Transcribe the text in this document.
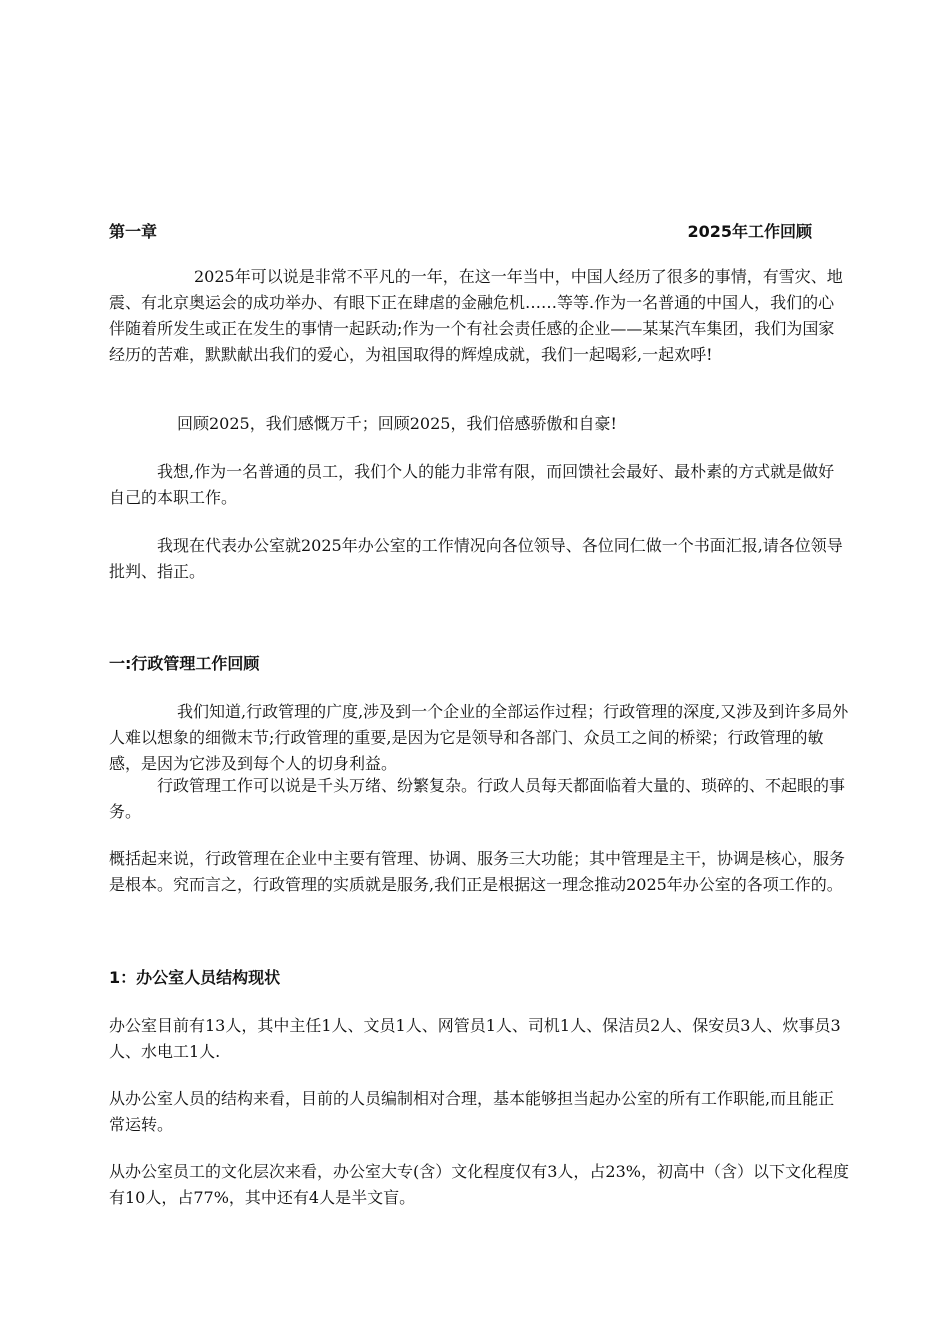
第一章	2025年工作回顾

2025年可以说是非常不平凡的一年，在这一年当中，中国人经历了很多的事情，有雪灾、地震、有北京奥运会的成功举办、有眼下正在肆虐的金融危机……等等.作为一名普通的中国人，我们的心伴随着所发生或正在发生的事情一起跃动;作为一个有社会责任感的企业——某某汽车集团，我们为国家经历的苦难，默默献出我们的爱心，为祖国取得的辉煌成就，我们一起喝彩,一起欢呼!

回顾2025，我们感慨万千；回顾2025，我们倍感骄傲和自豪!

我想,作为一名普通的员工，我们个人的能力非常有限，而回馈社会最好、最朴素的方式就是做好自己的本职工作。

我现在代表办公室就2025年办公室的工作情况向各位领导、各位同仁做一个书面汇报,请各位领导批判、指正。

一:行政管理工作回顾

我们知道,行政管理的广度,涉及到一个企业的全部运作过程；行政管理的深度,又涉及到许多局外人难以想象的细微末节;行政管理的重要,是因为它是领导和各部门、众员工之间的桥梁；行政管理的敏感，是因为它涉及到每个人的切身利益。

行政管理工作可以说是千头万绪、纷繁复杂。行政人员每天都面临着大量的、琐碎的、不起眼的事务。

概括起来说，行政管理在企业中主要有管理、协调、服务三大功能；其中管理是主干，协调是核心，服务是根本。究而言之，行政管理的实质就是服务,我们正是根据这一理念推动2025年办公室的各项工作的。

1：办公室人员结构现状

办公室目前有13人，其中主任1人、文员1人、网管员1人、司机1人、保洁员2人、保安员3人、炊事员3人、水电工1人.

从办公室人员的结构来看，目前的人员编制相对合理，基本能够担当起办公室的所有工作职能,而且能正常运转。

从办公室员工的文化层次来看，办公室大专(含）文化程度仅有3人，占23%，初高中（含）以下文化程度有10人，占77%，其中还有4人是半文盲。
